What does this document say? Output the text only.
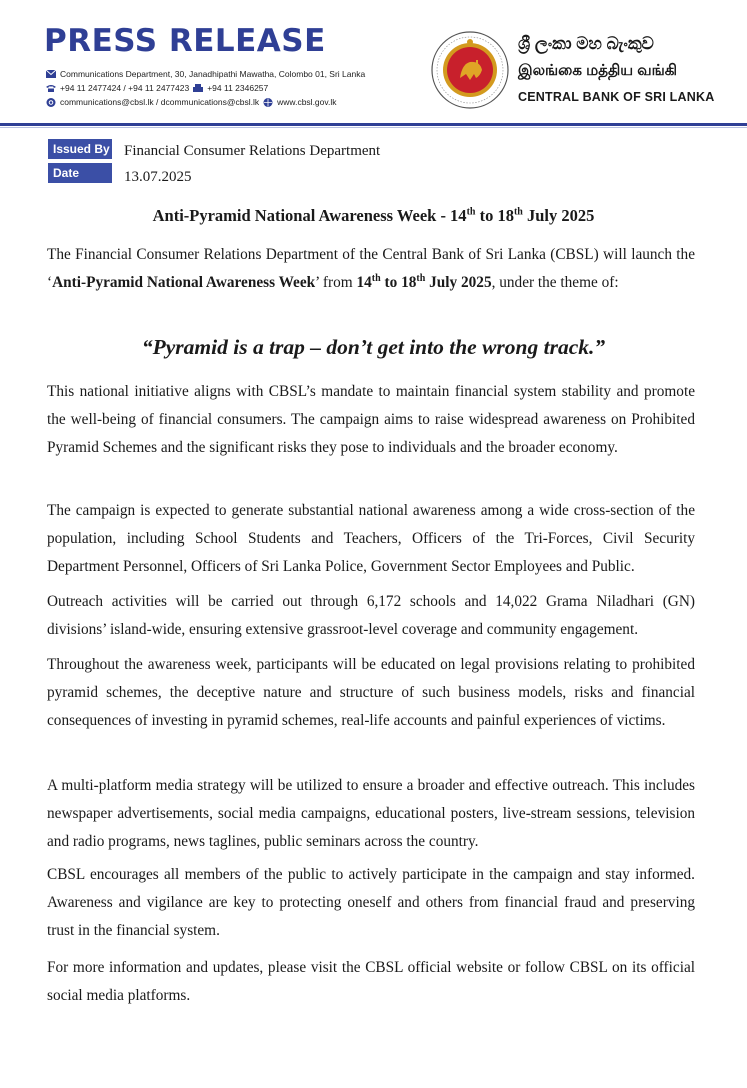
PRESS RELEASE
Communications Department, 30, Janadhipathi Mawatha, Colombo 01, Sri Lanka
+94 11 2477424 / +94 11 2477423 +94 11 2346257
communications@cbsl.lk / dcommunications@cbsl.lk www.cbsl.gov.lk
ශ්‍රී ලංකා මහ බැංකුව
இலங்கை மத்திய வங்கி
CENTRAL BANK OF SRI LANKA
Issued By Financial Consumer Relations Department
Date	13.07.2025
Anti-Pyramid National Awareness Week - 14th to 18th July 2025

The Financial Consumer Relations Department of the Central Bank of Sri Lanka (CBSL) will launch the ‘Anti-Pyramid National Awareness Week’ from 14th to 18th July 2025, under the theme of:

“Pyramid is a trap – don’t get into the wrong track.”

This national initiative aligns with CBSL’s mandate to maintain financial system stability and promote the well-being of financial consumers. The campaign aims to raise widespread awareness on Prohibited Pyramid Schemes and the significant risks they pose to individuals and the broader economy.

The campaign is expected to generate substantial national awareness among a wide cross-section of the population, including School Students and Teachers, Officers of the Tri-Forces, Civil Security Department Personnel, Officers of Sri Lanka Police, Government Sector Employees and Public.

Outreach activities will be carried out through 6,172 schools and 14,022 Grama Niladhari (GN) divisions’ island-wide, ensuring extensive grassroot-level coverage and community engagement.

Throughout the awareness week, participants will be educated on legal provisions relating to prohibited pyramid schemes, the deceptive nature and structure of such business models, risks and financial consequences of investing in pyramid schemes, real-life accounts and painful experiences of victims.

A multi-platform media strategy will be utilized to ensure a broader and effective outreach. This includes newspaper advertisements, social media campaigns, educational posters, live-stream sessions, television and radio programs, news taglines, public seminars across the country.

CBSL encourages all members of the public to actively participate in the campaign and stay informed. Awareness and vigilance are key to protecting oneself and others from financial fraud and preserving trust in the financial system.

For more information and updates, please visit the CBSL official website or follow CBSL on its official social media platforms.
